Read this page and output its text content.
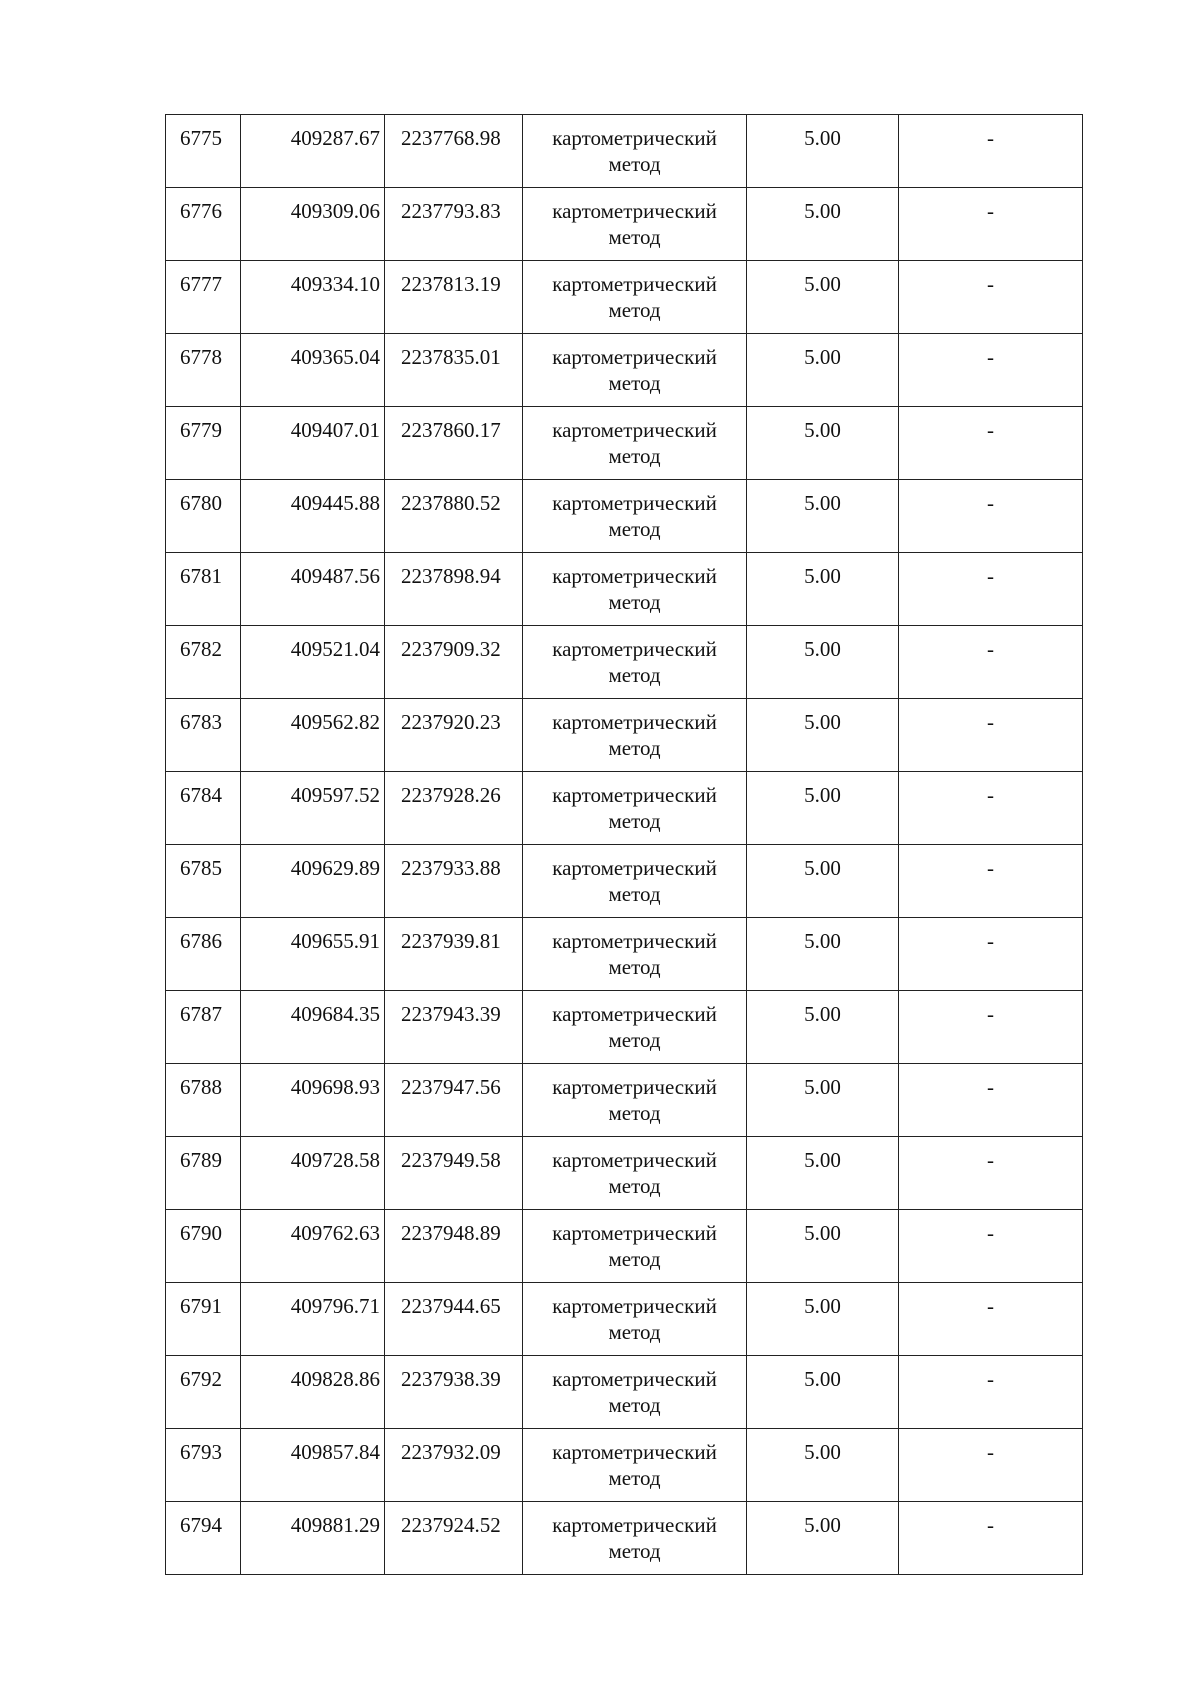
6775	409287.67	2237768.98	картометрический метод	5.00	-
6776	409309.06	2237793.83	картометрический метод	5.00	-
6777	409334.10	2237813.19	картометрический метод	5.00	-
6778	409365.04	2237835.01	картометрический метод	5.00	-
6779	409407.01	2237860.17	картометрический метод	5.00	-
6780	409445.88	2237880.52	картометрический метод	5.00	-
6781	409487.56	2237898.94	картометрический метод	5.00	-
6782	409521.04	2237909.32	картометрический метод	5.00	-
6783	409562.82	2237920.23	картометрический метод	5.00	-
6784	409597.52	2237928.26	картометрический метод	5.00	-
6785	409629.89	2237933.88	картометрический метод	5.00	-
6786	409655.91	2237939.81	картометрический метод	5.00	-
6787	409684.35	2237943.39	картометрический метод	5.00	-
6788	409698.93	2237947.56	картометрический метод	5.00	-
6789	409728.58	2237949.58	картометрический метод	5.00	-
6790	409762.63	2237948.89	картометрический метод	5.00	-
6791	409796.71	2237944.65	картометрический метод	5.00	-
6792	409828.86	2237938.39	картометрический метод	5.00	-
6793	409857.84	2237932.09	картометрический метод	5.00	-
6794	409881.29	2237924.52	картометрический метод	5.00	-
